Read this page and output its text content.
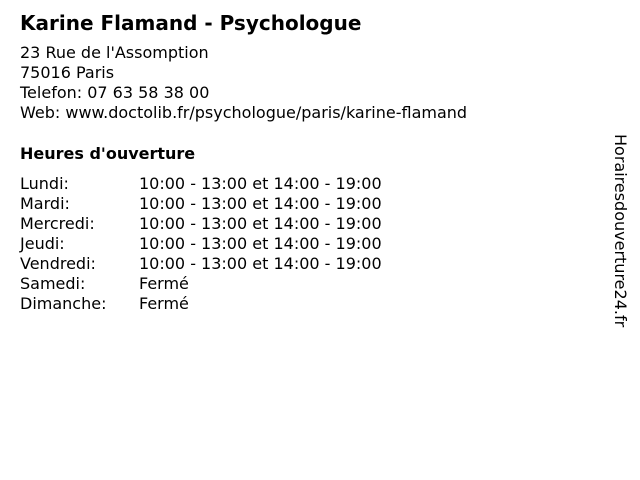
Karine Flamand - Psychologue
23 Rue de l'Assomption
75016 Paris
Telefon: 07 63 58 38 00
Web: www.doctolib.fr/psychologue/paris/karine-flamand
Heures d'ouverture
Lundi:	10:00 - 13:00 et 14:00 - 19:00
Mardi:	10:00 - 13:00 et 14:00 - 19:00
Mercredi:	10:00 - 13:00 et 14:00 - 19:00
Jeudi:	10:00 - 13:00 et 14:00 - 19:00
Vendredi:	10:00 - 13:00 et 14:00 - 19:00
Samedi:	Fermé
Dimanche:	Fermé	Horairesdouverture24.fr
